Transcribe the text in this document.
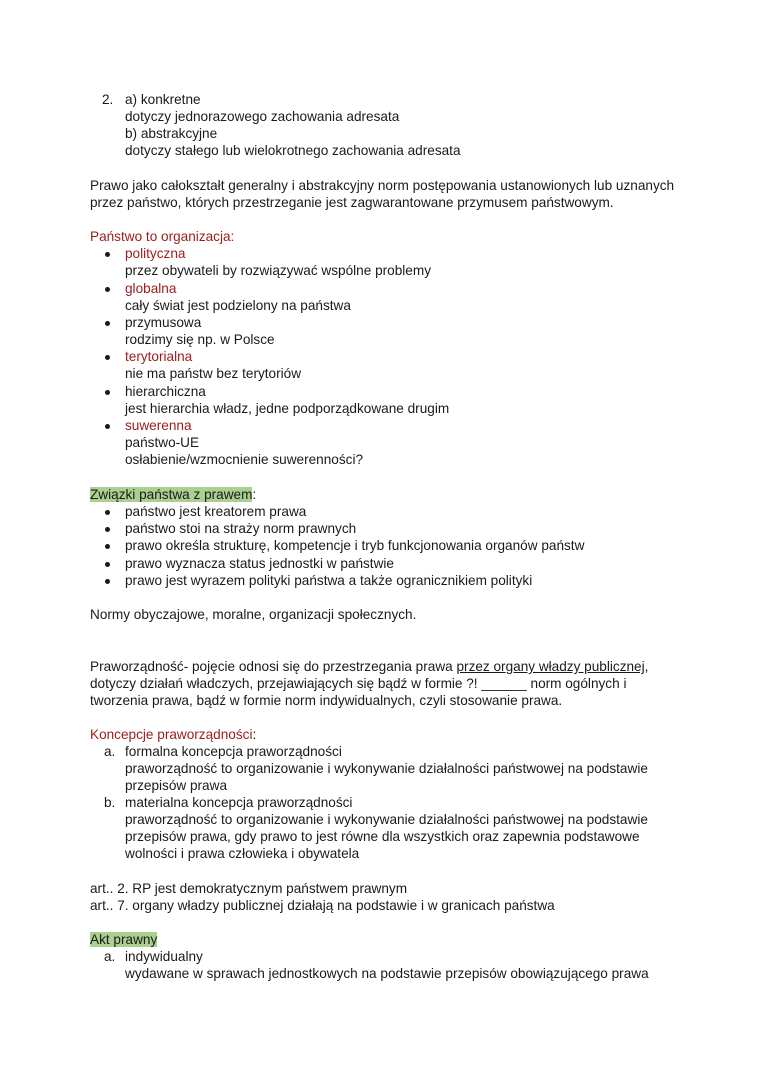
2. a) konkretne
dotyczy jednorazowego zachowania adresata
b) abstrakcyjne
dotyczy stałego lub wielokrotnego zachowania adresata
Prawo jako całokształt generalny i abstrakcyjny norm postępowania ustanowionych lub uznanych
przez państwo, których przestrzeganie jest zagwarantowane przymusem państwowym.
Państwo to organizacja:
polityczna
przez obywateli by rozwiązywać wspólne problemy
globalna
cały świat jest podzielony na państwa
przymusowa
rodzimy się np. w Polsce
terytorialna
nie ma państw bez terytoriów
hierarchiczna
jest hierarchia władz, jedne podporządkowane drugim
suwerenna
państwo-UE
osłabienie/wzmocnienie suwerenności?
Związki państwa z prawem:
państwo jest kreatorem prawa
państwo stoi na straży norm prawnych
prawo określa strukturę, kompetencje i tryb funkcjonowania organów państw
prawo wyznacza status jednostki w państwie
prawo jest wyrazem polityki państwa a także ogranicznikiem polityki
Normy obyczajowe, moralne, organizacji społecznych.
Praworządność- pojęcie odnosi się do przestrzegania prawa przez organy władzy publicznej,
dotyczy działań władczych, przejawiających się bądź w formie ?! ______ norm ogólnych i
tworzenia prawa, bądź w formie norm indywidualnych, czyli stosowanie prawa.
Koncepcje praworządności:
a. formalna koncepcja praworządności
praworządność to organizowanie i wykonywanie działalności państwowej na podstawie
przepisów prawa
b. materialna koncepcja praworządności
praworządność to organizowanie i wykonywanie działalności państwowej na podstawie
przepisów prawa, gdy prawo to jest równe dla wszystkich oraz zapewnia podstawowe
wolności i prawa człowieka i obywatela
art.. 2. RP jest demokratycznym państwem prawnym
art.. 7. organy władzy publicznej działają na podstawie i w granicach państwa
Akt prawny
a. indywidualny
wydawane w sprawach jednostkowych na podstawie przepisów obowiązującego prawa
